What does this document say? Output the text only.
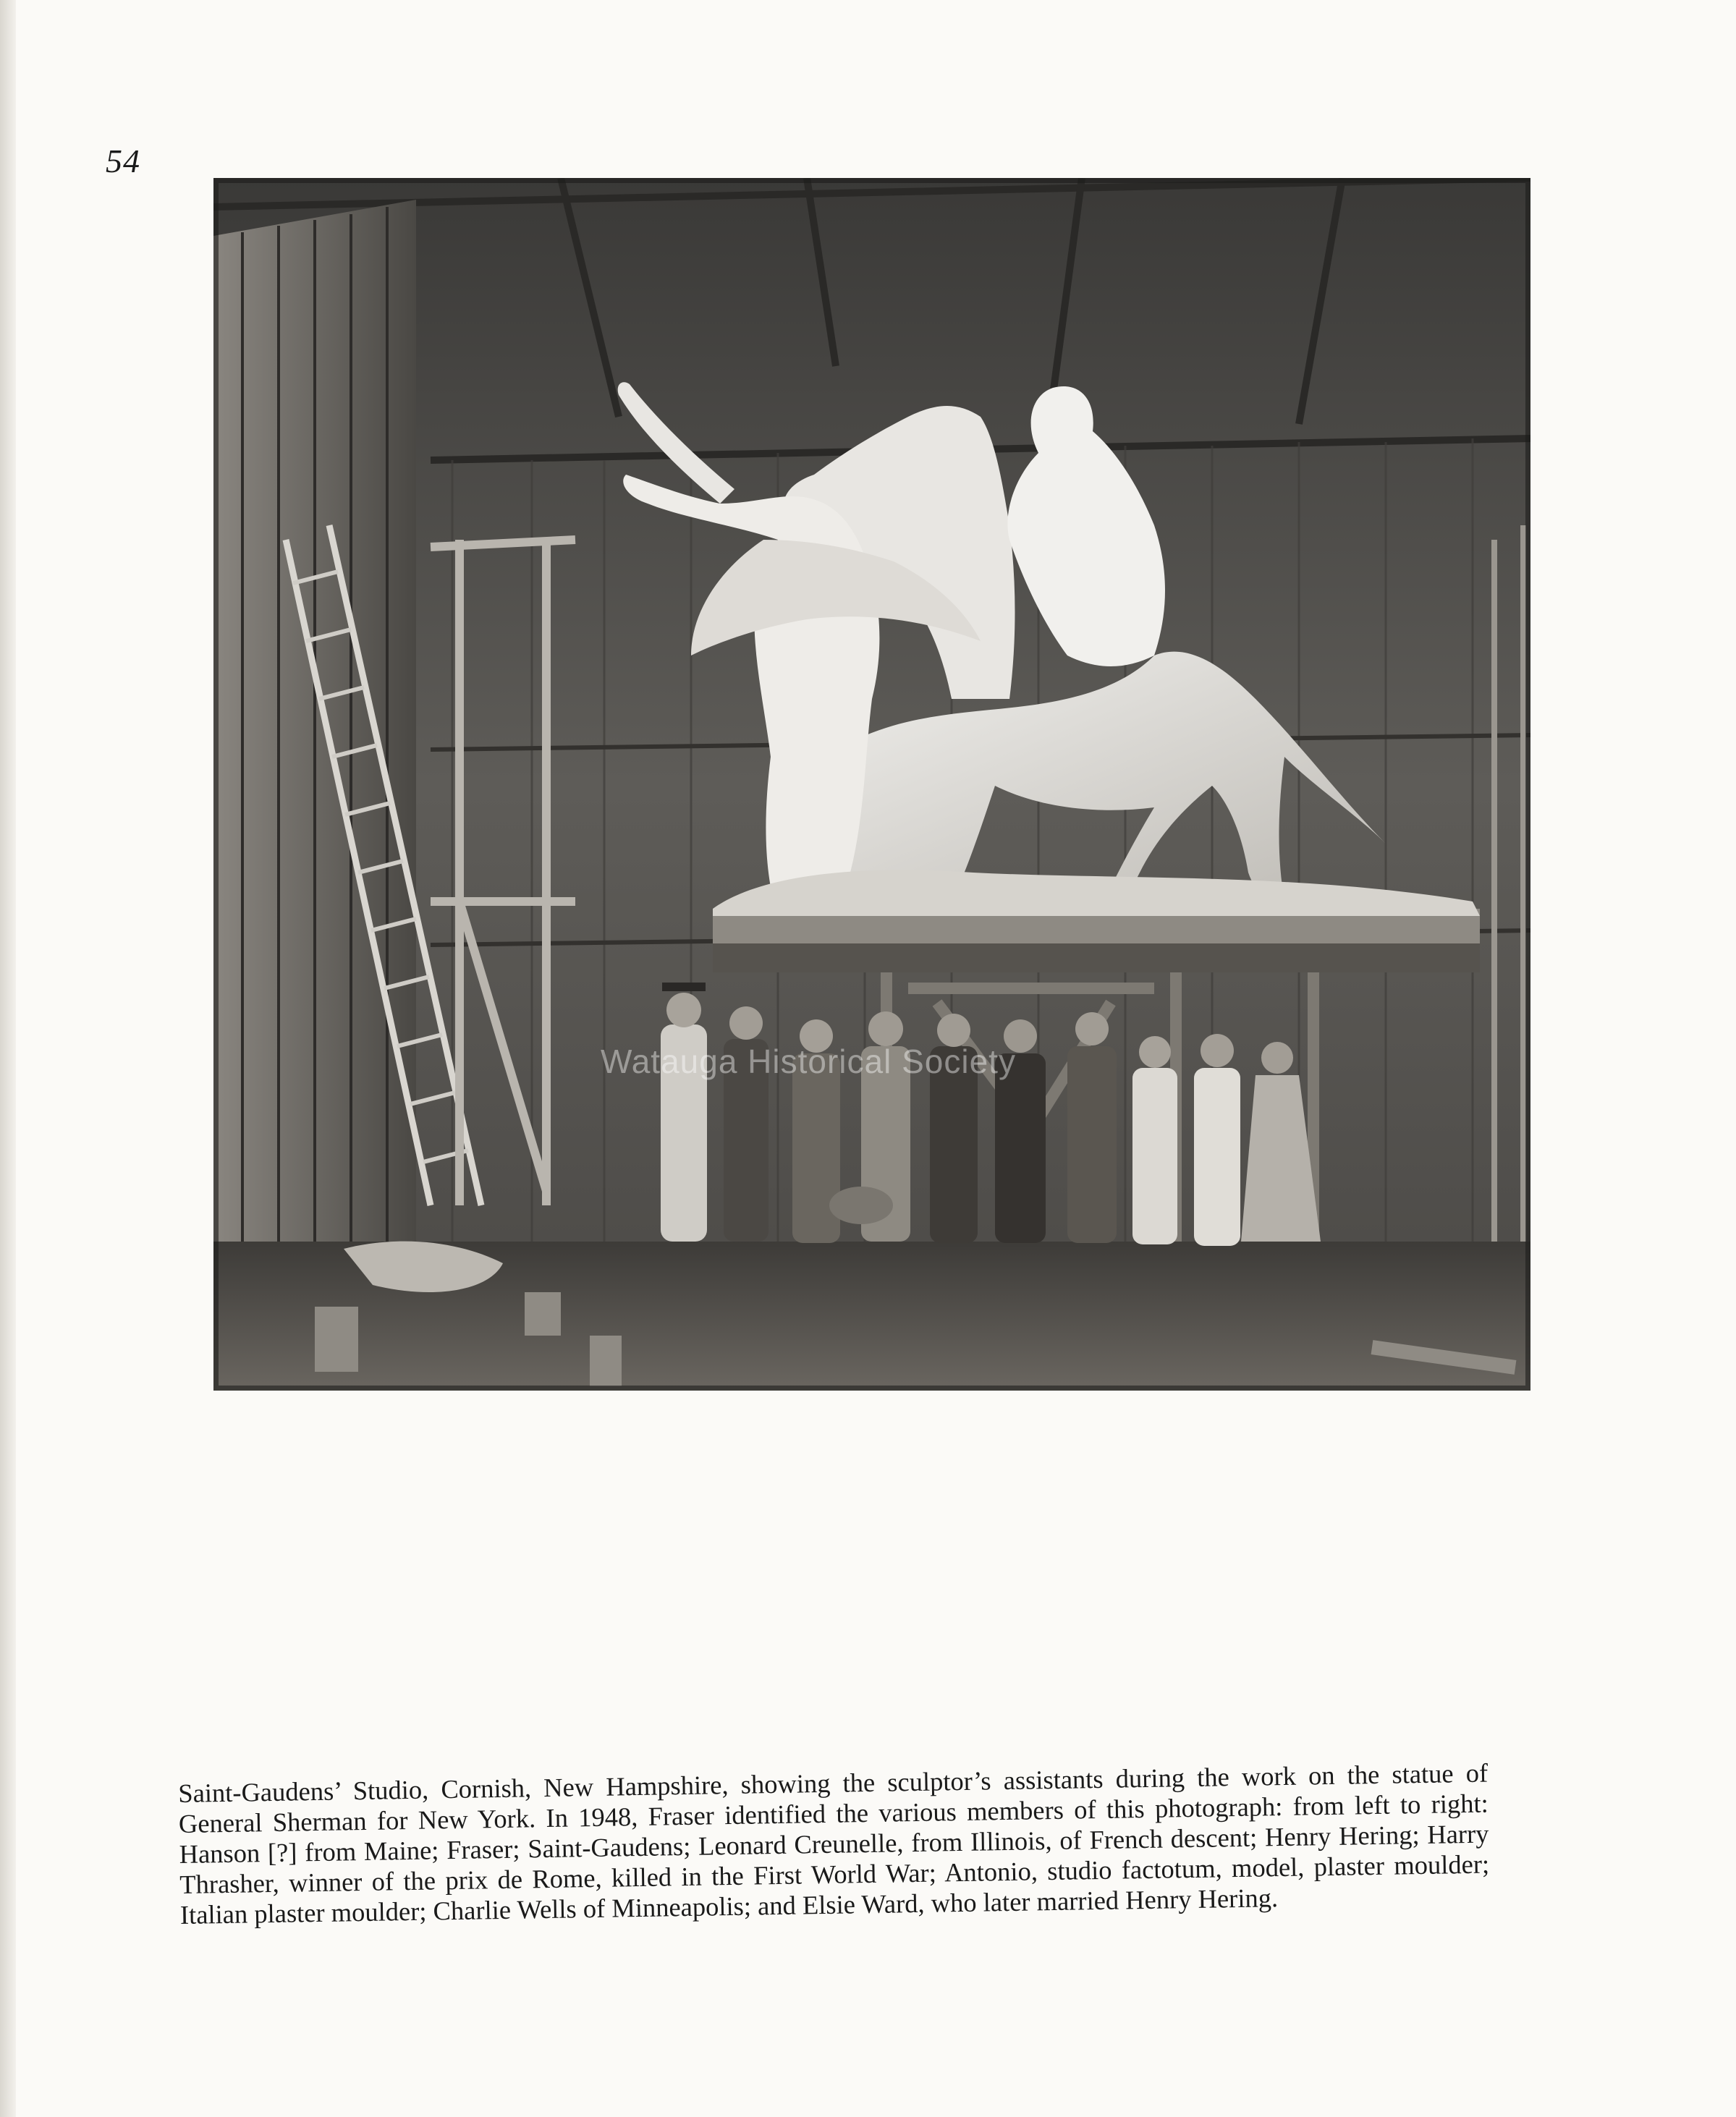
54
Watauga Historical Society
Saint-Gaudens’ Studio, Cornish, New Hampshire, showing the sculptor’s assistants during the work on the statue of General Sherman for New York. In 1948, Fraser identified the various members of this photograph: from left to right: Hanson [?] from Maine; Fraser; Saint-Gaudens; Leonard Creunelle, from Illinois, of French descent; Henry Hering; Harry Thrasher, winner of the prix de Rome, killed in the First World War; Antonio, studio factotum, model, plaster moulder; Italian plaster moulder; Charlie Wells of Minneapolis; and Elsie Ward, who later married Henry Hering.
